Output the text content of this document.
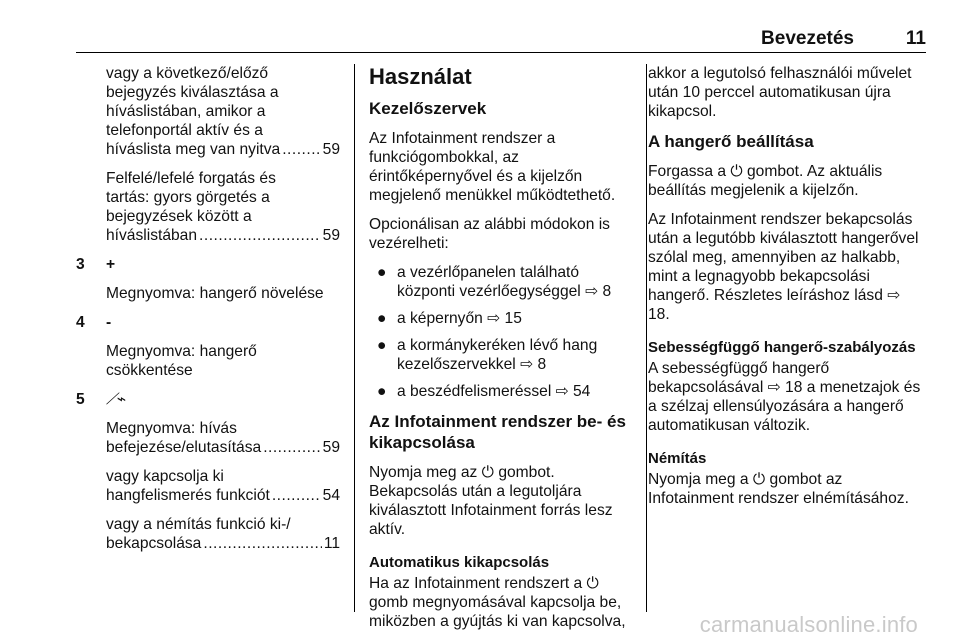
Bevezetés	11
vagy a következő/előző
bejegyzés kiválasztása a
híváslistában, amikor a
telefonportál aktív és a
híváslista meg van nyitva .....	59
Felfelé/lefelé forgatás és
tartás: gyors görgetés a
bejegyzések között a
híváslistában .....	59
3	+
Megnyomva: hangerő növelése
4	-
Megnyomva: hangerő
csökkentése
5	⟋⌁
Megnyomva: hívás
befejezése/elutasítása .....	59
vagy kapcsolja ki
hangfelismerés funkciót .....	54
vagy a némítás funkció ki-/
bekapcsolása .....	11
Használat
Kezelőszervek

Az Infotainment rendszer a funkciógombokkal, az érintőképernyővel és a kijelzőn megjelenő menükkel működtethető.

Opcionálisan az alábbi módokon is vezérelheti:

● a vezérlőpanelen található központi vezérlőegységgel ⇨ 8
● a képernyőn ⇨ 15
● a kormánykeréken lévő hang kezelőszervekkel ⇨ 8
● a beszédfelismeréssel ⇨ 54
Az Infotainment rendszer be- és kikapcsolása

Nyomja meg az ⏻ gombot. Bekapcsolás után a legutoljára kiválasztott Infotainment forrás lesz aktív.

Automatikus kikapcsolás

Ha az Infotainment rendszert a ⏻ gomb megnyomásával kapcsolja be, miközben a gyújtás ki van kapcsolva,

akkor a legutolsó felhasználói művelet után 10 perccel automatikusan újra kikapcsol.

A hangerő beállítása

Forgassa a ⏻ gombot. Az aktuális beállítás megjelenik a kijelzőn.

Az Infotainment rendszer bekapcsolás után a legutóbb kiválasztott hangerővel szólal meg, amennyiben az halkabb, mint a legnagyobb bekapcsolási hangerő. Részletes leíráshoz lásd ⇨ 18.

Sebességfüggő hangerő-szabályozás

A sebességfüggő hangerő bekapcsolásával ⇨ 18 a menetzajok és a szélzaj ellensúlyozására a hangerő automatikusan változik.

Némítás

Nyomja meg a ⏻ gombot az Infotainment rendszer elnémításához.

carmanualsonline.info
